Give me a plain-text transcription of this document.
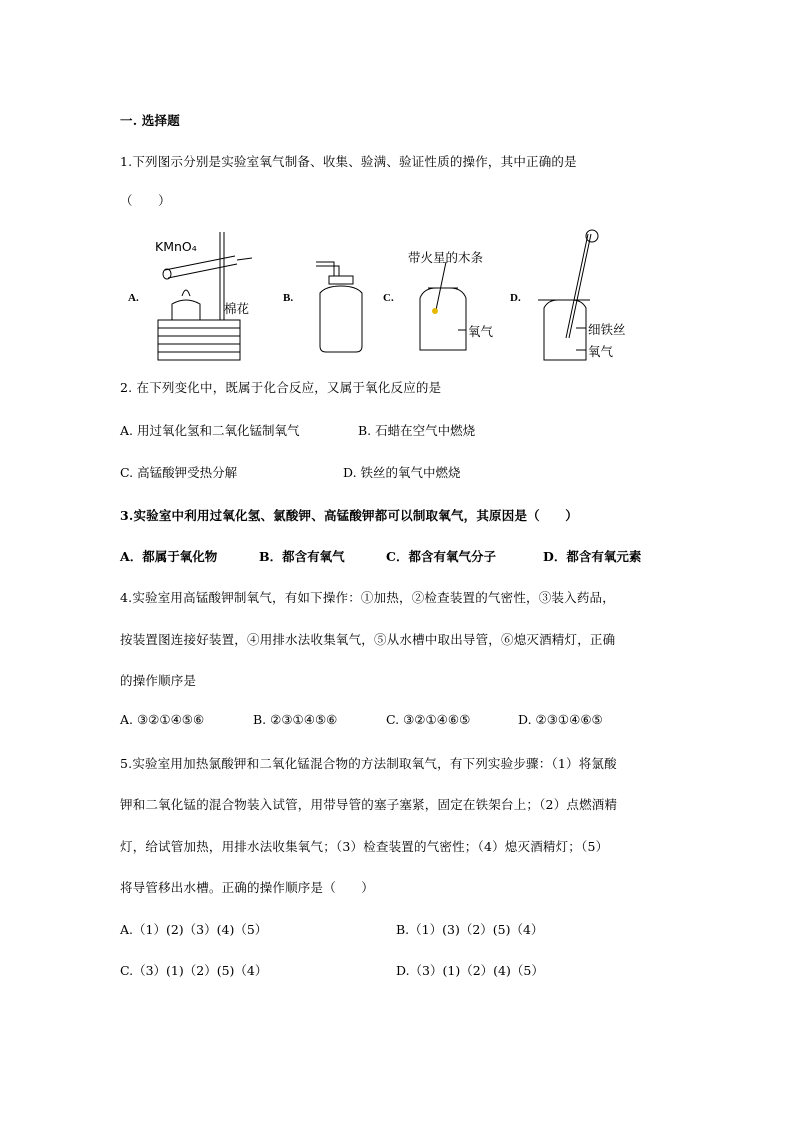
一. 选择题
1.下列图示分别是实验室氧气制备、收集、验满、验证性质的操作，其中正确的是
（　　）
A.	B.	C.	D.
KMnO₄
棉花
带火星的木条
氧气	细铁丝
氧气
2. 在下列变化中，既属于化合反应，又属于氧化反应的是
A. 用过氧化氢和二氧化锰制氧气	B. 石蜡在空气中燃烧
C. 高锰酸钾受热分解	D. 铁丝的氧气中燃烧
3.实验室中利用过氧化氢、氯酸钾、高锰酸钾都可以制取氧气，其原因是（　　）
A．都属于氧化物	B．都含有氧气	C．都含有氧气分子	D．都含有氧元素
4.实验室用高锰酸钾制氧气，有如下操作：①加热，②检查装置的气密性，③装入药品，
按装置图连接好装置，④用排水法收集氧气，⑤从水槽中取出导管，⑥熄灭酒精灯，正确
的操作顺序是
A. ③②①④⑤⑥	B. ②③①④⑤⑥	C. ③②①④⑥⑤	D. ②③①④⑥⑤
5.实验室用加热氯酸钾和二氧化锰混合物的方法制取氧气，有下列实验步骤：（1）将氯酸
钾和二氧化锰的混合物装入试管，用带导管的塞子塞紧，固定在铁架台上；（2）点燃酒精
灯，给试管加热，用排水法收集氧气；（3）检查装置的气密性；（4）熄灭酒精灯；（5）
将导管移出水槽。正确的操作顺序是（　　）
A.（1）(2)（3）(4)（5）	B.（1）(3)（2）(5)（4）
C.（3）(1)（2）(5)（4）	D.（3）(1)（2）(4)（5）
